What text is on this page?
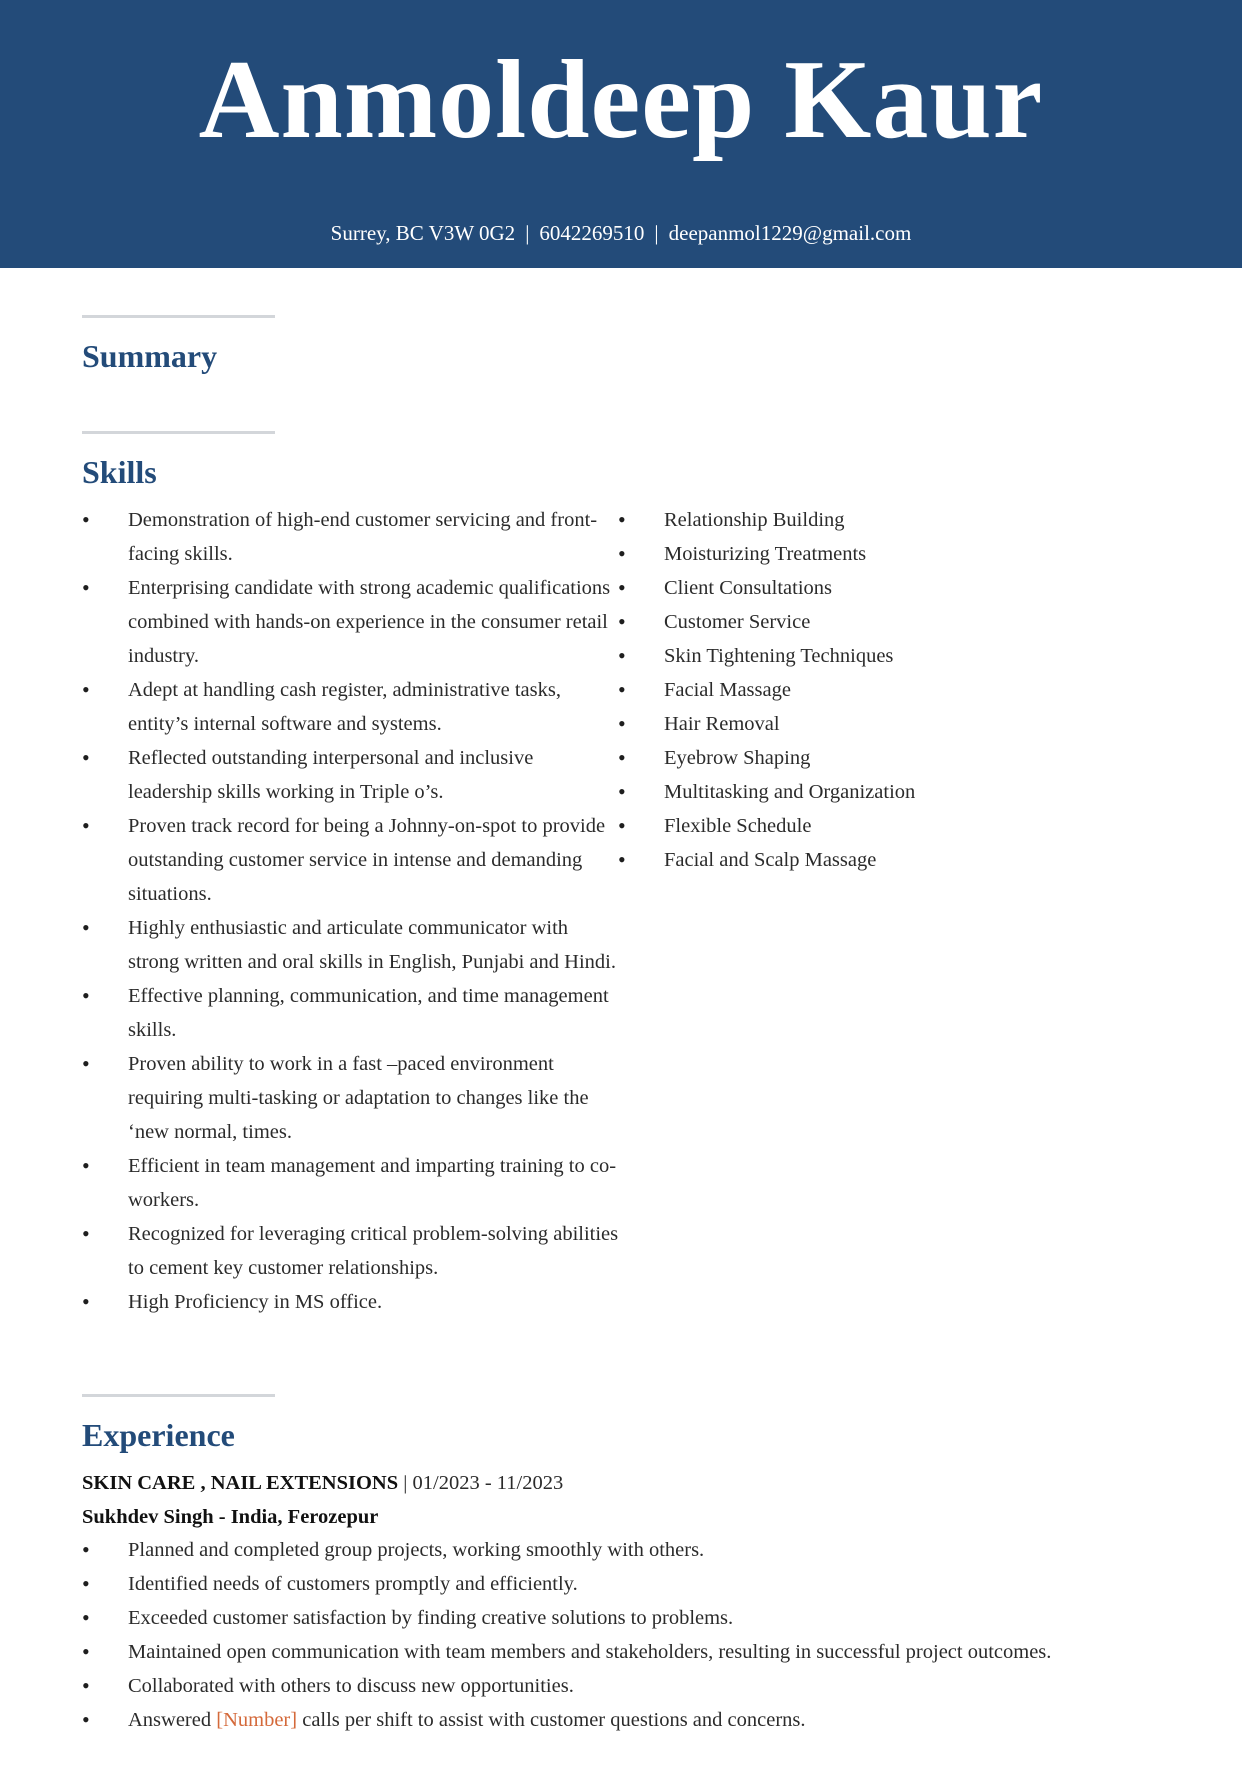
Anmoldeep Kaur
Surrey, BC V3W 0G2 | 6042269510 | deepanmol1229@gmail.com
Summary
Skills
• Demonstration of high-end customer servicing and front-facing skills.
• Enterprising candidate with strong academic qualifications combined with hands-on experience in the consumer retail industry.
• Adept at handling cash register, administrative tasks, entity’s internal software and systems.
• Reflected outstanding interpersonal and inclusive leadership skills working in Triple o’s.
• Proven track record for being a Johnny-on-spot to provide outstanding customer service in intense and demanding situations.
• Highly enthusiastic and articulate communicator with strong written and oral skills in English, Punjabi and Hindi.
• Effective planning, communication, and time management skills.
• Proven ability to work in a fast –paced environment requiring multi-tasking or adaptation to changes like the ‘new normal, times.
• Efficient in team management and imparting training to co-workers.
• Recognized for leveraging critical problem-solving abilities to cement key customer relationships.
• High Proficiency in MS office.
• Relationship Building
• Moisturizing Treatments
• Client Consultations
• Customer Service
• Skin Tightening Techniques
• Facial Massage
• Hair Removal
• Eyebrow Shaping
• Multitasking and Organization
• Flexible Schedule
• Facial and Scalp Massage
Experience
SKIN CARE , NAIL EXTENSIONS | 01/2023 - 11/2023
Sukhdev Singh - India, Ferozepur
• Planned and completed group projects, working smoothly with others.
• Identified needs of customers promptly and efficiently.
• Exceeded customer satisfaction by finding creative solutions to problems.
• Maintained open communication with team members and stakeholders, resulting in successful project outcomes.
• Collaborated with others to discuss new opportunities.
• Answered [Number] calls per shift to assist with customer questions and concerns.
